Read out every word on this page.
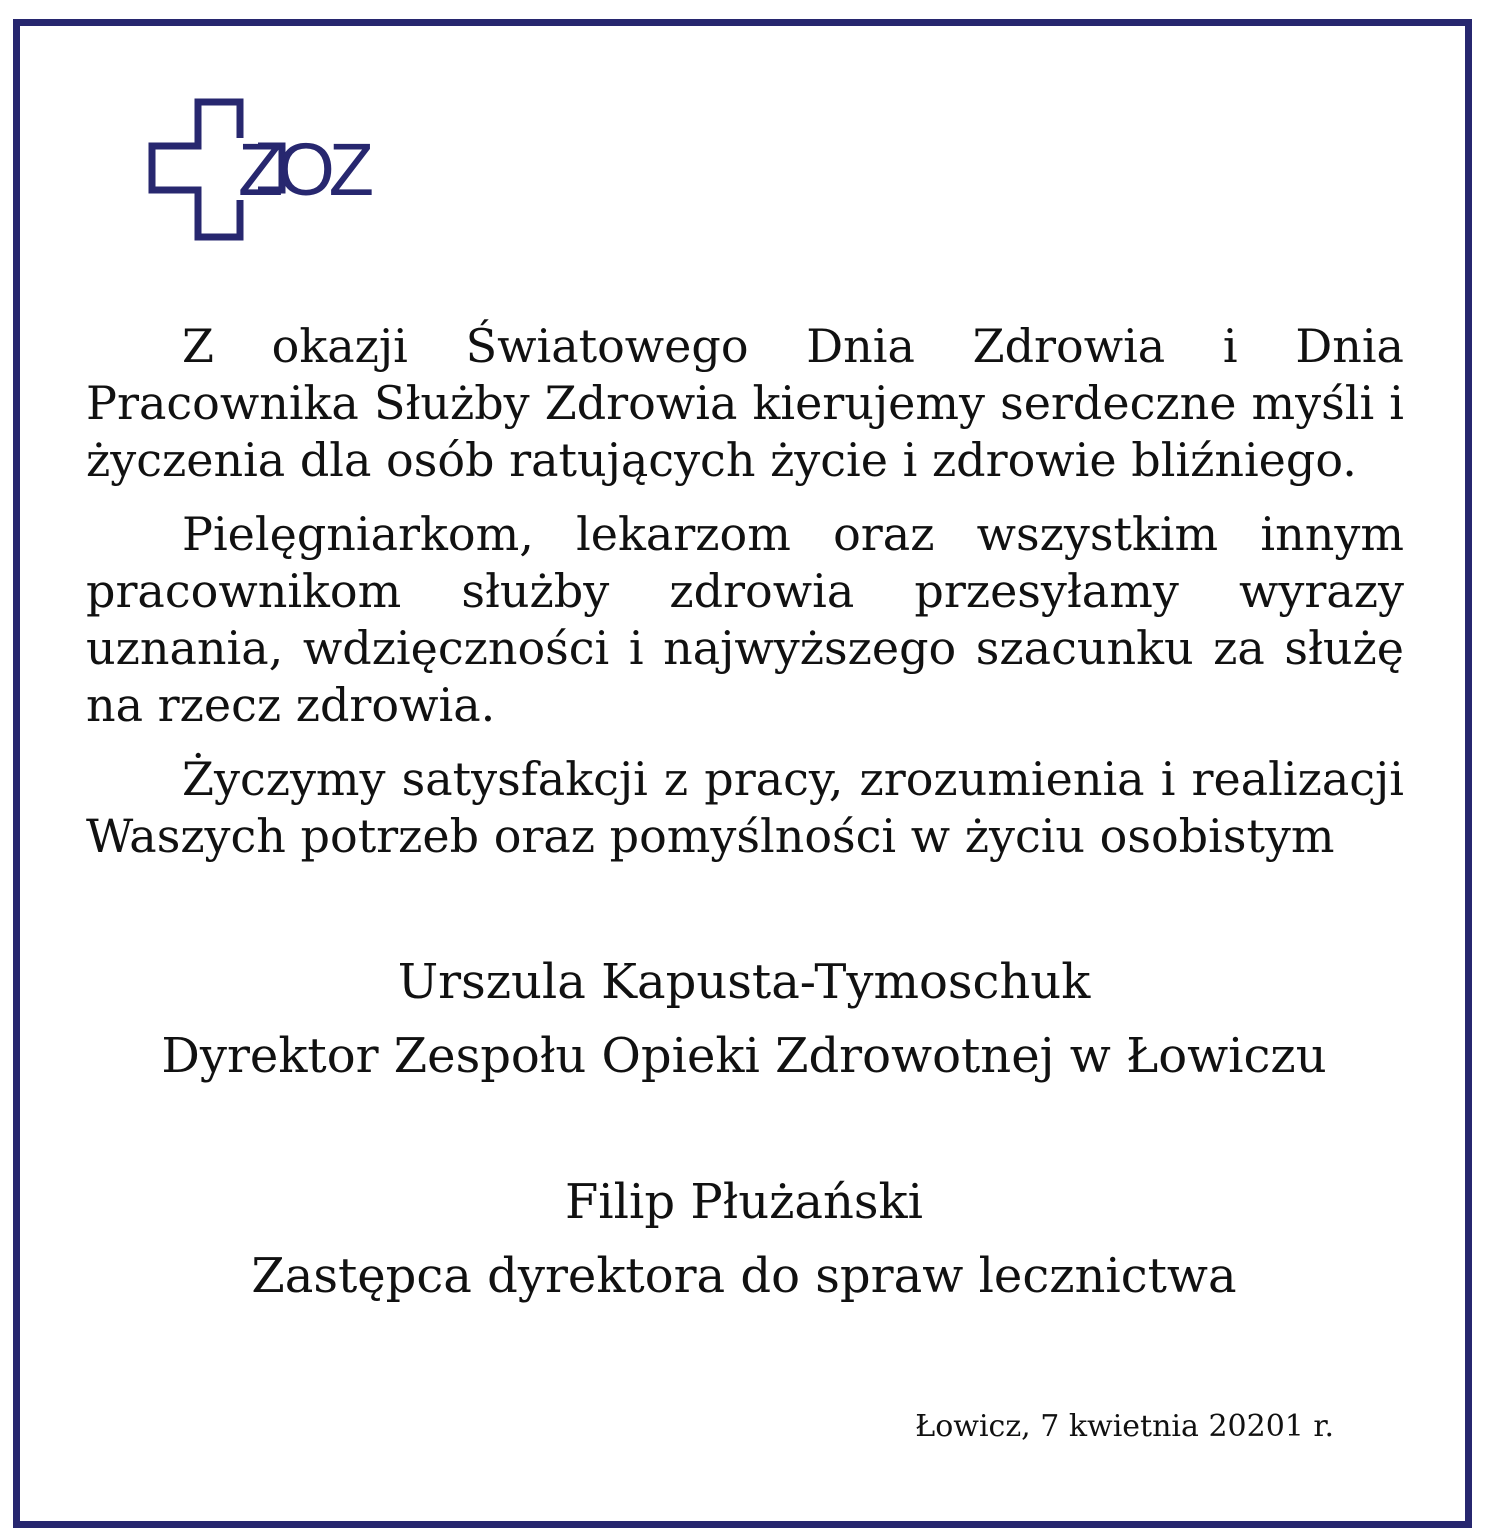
ZOZ

Z okazji Światowego Dnia Zdrowia i Dnia Pracownika Służby Zdrowia kierujemy serdeczne myśli i życzenia dla osób ratujących życie i zdrowie bliźniego.

Pielęgniarkom, lekarzom oraz wszystkim innym pracownikom służby zdrowia przesyłamy wyrazy uznania, wdzięczności i najwyższego szacunku za służę na rzecz zdrowia.

Życzymy satysfakcji z pracy, zrozumienia i realizacji Waszych potrzeb oraz pomyślności w życiu osobistym

Urszula Kapusta-Tymoschuk

Dyrektor Zespołu Opieki Zdrowotnej w Łowiczu

Filip Płużański

Zastępca dyrektora do spraw lecznictwa

Łowicz, 7 kwietnia 20201 r.
